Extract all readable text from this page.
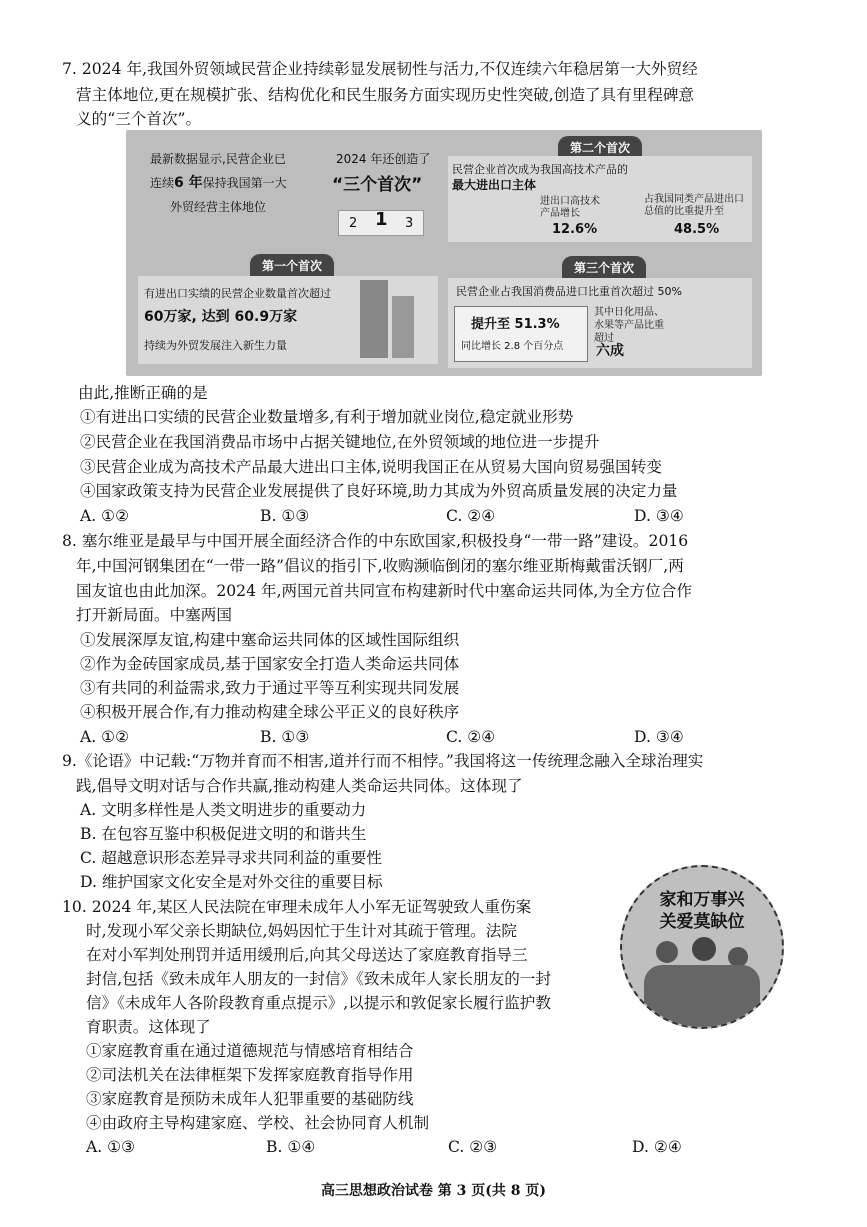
7. 2024 年,我国外贸领域民营企业持续彰显发展韧性与活力,不仅连续六年稳居第一大外贸经
营主体地位,更在规模扩张、结构优化和民生服务方面实现历史性突破,创造了具有里程碑意
义的“三个首次”。
最新数据显示,民营企业已
连续6 年保持我国第一大
外贸经营主体地位
2024 年还创造了
“三个首次”
2 1 3
第二个首次
民营企业首次成为我国高技术产品的
最大进出口主体
进出口高技术产品增长
12.6%
占我国同类产品进出口总值的比重提升至
48.5%
第一个首次
有进出口实绩的民营企业数量首次超过
60万家, 达到 60.9万家
持续为外贸发展注入新生力量
第三个首次
民营企业占我国消费品进口比重首次超过 50%
提升至 51.3%
同比增长 2.8 个百分点
其中日化用品、水果等产品比重超过
六成
由此,推断正确的是
①有进出口实绩的民营企业数量增多,有利于增加就业岗位,稳定就业形势
②民营企业在我国消费品市场中占据关键地位,在外贸领域的地位进一步提升
③民营企业成为高技术产品最大进出口主体,说明我国正在从贸易大国向贸易强国转变
④国家政策支持为民营企业发展提供了良好环境,助力其成为外贸高质量发展的决定力量
A. ①②	B. ①③	C. ②④	D. ③④
8. 塞尔维亚是最早与中国开展全面经济合作的中东欧国家,积极投身“一带一路”建设。2016
年,中国河钢集团在“一带一路”倡议的指引下,收购濒临倒闭的塞尔维亚斯梅戴雷沃钢厂,两
国友谊也由此加深。2024 年,两国元首共同宣布构建新时代中塞命运共同体,为全方位合作
打开新局面。中塞两国
①发展深厚友谊,构建中塞命运共同体的区域性国际组织
②作为金砖国家成员,基于国家安全打造人类命运共同体
③有共同的利益需求,致力于通过平等互利实现共同发展
④积极开展合作,有力推动构建全球公平正义的良好秩序
A. ①②	B. ①③	C. ②④	D. ③④
9.《论语》中记载:“万物并育而不相害,道并行而不相悖。”我国将这一传统理念融入全球治理实
践,倡导文明对话与合作共赢,推动构建人类命运共同体。这体现了
A. 文明多样性是人类文明进步的重要动力
B. 在包容互鉴中积极促进文明的和谐共生
C. 超越意识形态差异寻求共同利益的重要性
D. 维护国家文化安全是对外交往的重要目标
10. 2024 年,某区人民法院在审理未成年人小军无证驾驶致人重伤案
时,发现小军父亲长期缺位,妈妈因忙于生计对其疏于管理。法院
在对小军判处刑罚并适用缓刑后,向其父母送达了家庭教育指导三
封信,包括《致未成年人朋友的一封信》《致未成年人家长朋友的一封
信》《未成年人各阶段教育重点提示》,以提示和敦促家长履行监护教
育职责。这体现了
①家庭教育重在通过道德规范与情感培育相结合
②司法机关在法律框架下发挥家庭教育指导作用
③家庭教育是预防未成年人犯罪重要的基础防线
④由政府主导构建家庭、学校、社会协同育人机制
A. ①③	B. ①④	C. ②③	D. ②④
家和万事兴
关爱莫缺位
高三思想政治试卷 第 3 页(共 8 页)
